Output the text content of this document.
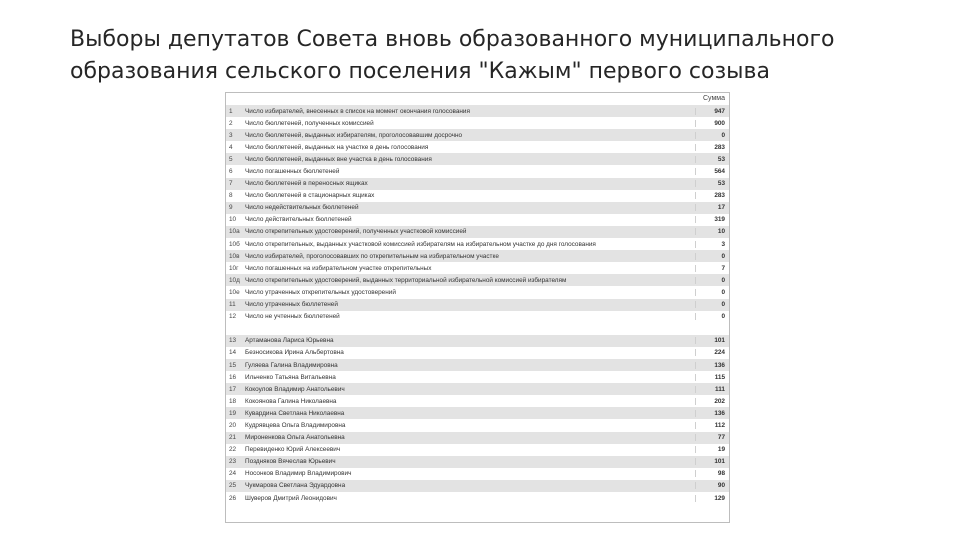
Выборы депутатов Совета вновь образованного муниципального
образования сельского поселения "Кажым" первого созыва
Сумма
1	Число избирателей, внесенных в список на момент окончания голосования	947
2	Число бюллетеней, полученных комиссией	900
3	Число бюллетеней, выданных избирателям, проголосовавшим досрочно	0
4	Число бюллетеней, выданных на участке в день голосования	283
5	Число бюллетеней, выданных вне участка в день голосования	53
6	Число погашенных бюллетеней	564
7	Число бюллетеней в переносных ящиках	53
8	Число бюллетеней в стационарных ящиках	283
9	Число недействительных бюллетеней	17
10	Число действительных бюллетеней	319
10а Число открепительных удостоверений, полученных участковой комиссией	10
10б Число открепительных, выданных участковой комиссией избирателям на избирательном участке до дня голосования	3
10в Число избирателей, проголосовавших по открепительным на избирательном участке	0
10г	Число погашенных на избирательном участке открепительных	7
10д Число открепительных удостоверений, выданных территориальной избирательной комиссией избирателям	0
10е Число утраченных открепительных удостоверений	0
11	Число утраченных бюллетеней	0
12	Число не учтенных бюллетеней	0
13	Артаманова Лариса Юрьевна	101
14	Безносикова Ирина Альбертовна	224
15	Гуляева Галина Владимировна	136
16	Ильченко Татьяна Витальевна	115
17	Кокоулов Владимир Анатольевич	111
18	Кокоянова Галина Николаевна	202
19	Кувардина Светлана Николаевна	136
20	Кудрявцева Ольга Владимировна	112
21	Мироненкова Ольга Анатольевна	77
22	Перевиденко Юрий Алексеевич	19
23	Поздняков Вячеслав Юрьевич	101
24	Носонков Владимир Владимирович	98
25	Чукмарова Светлана Эдуардовна	90
26	Шуверов Дмитрий Леонидович	129
